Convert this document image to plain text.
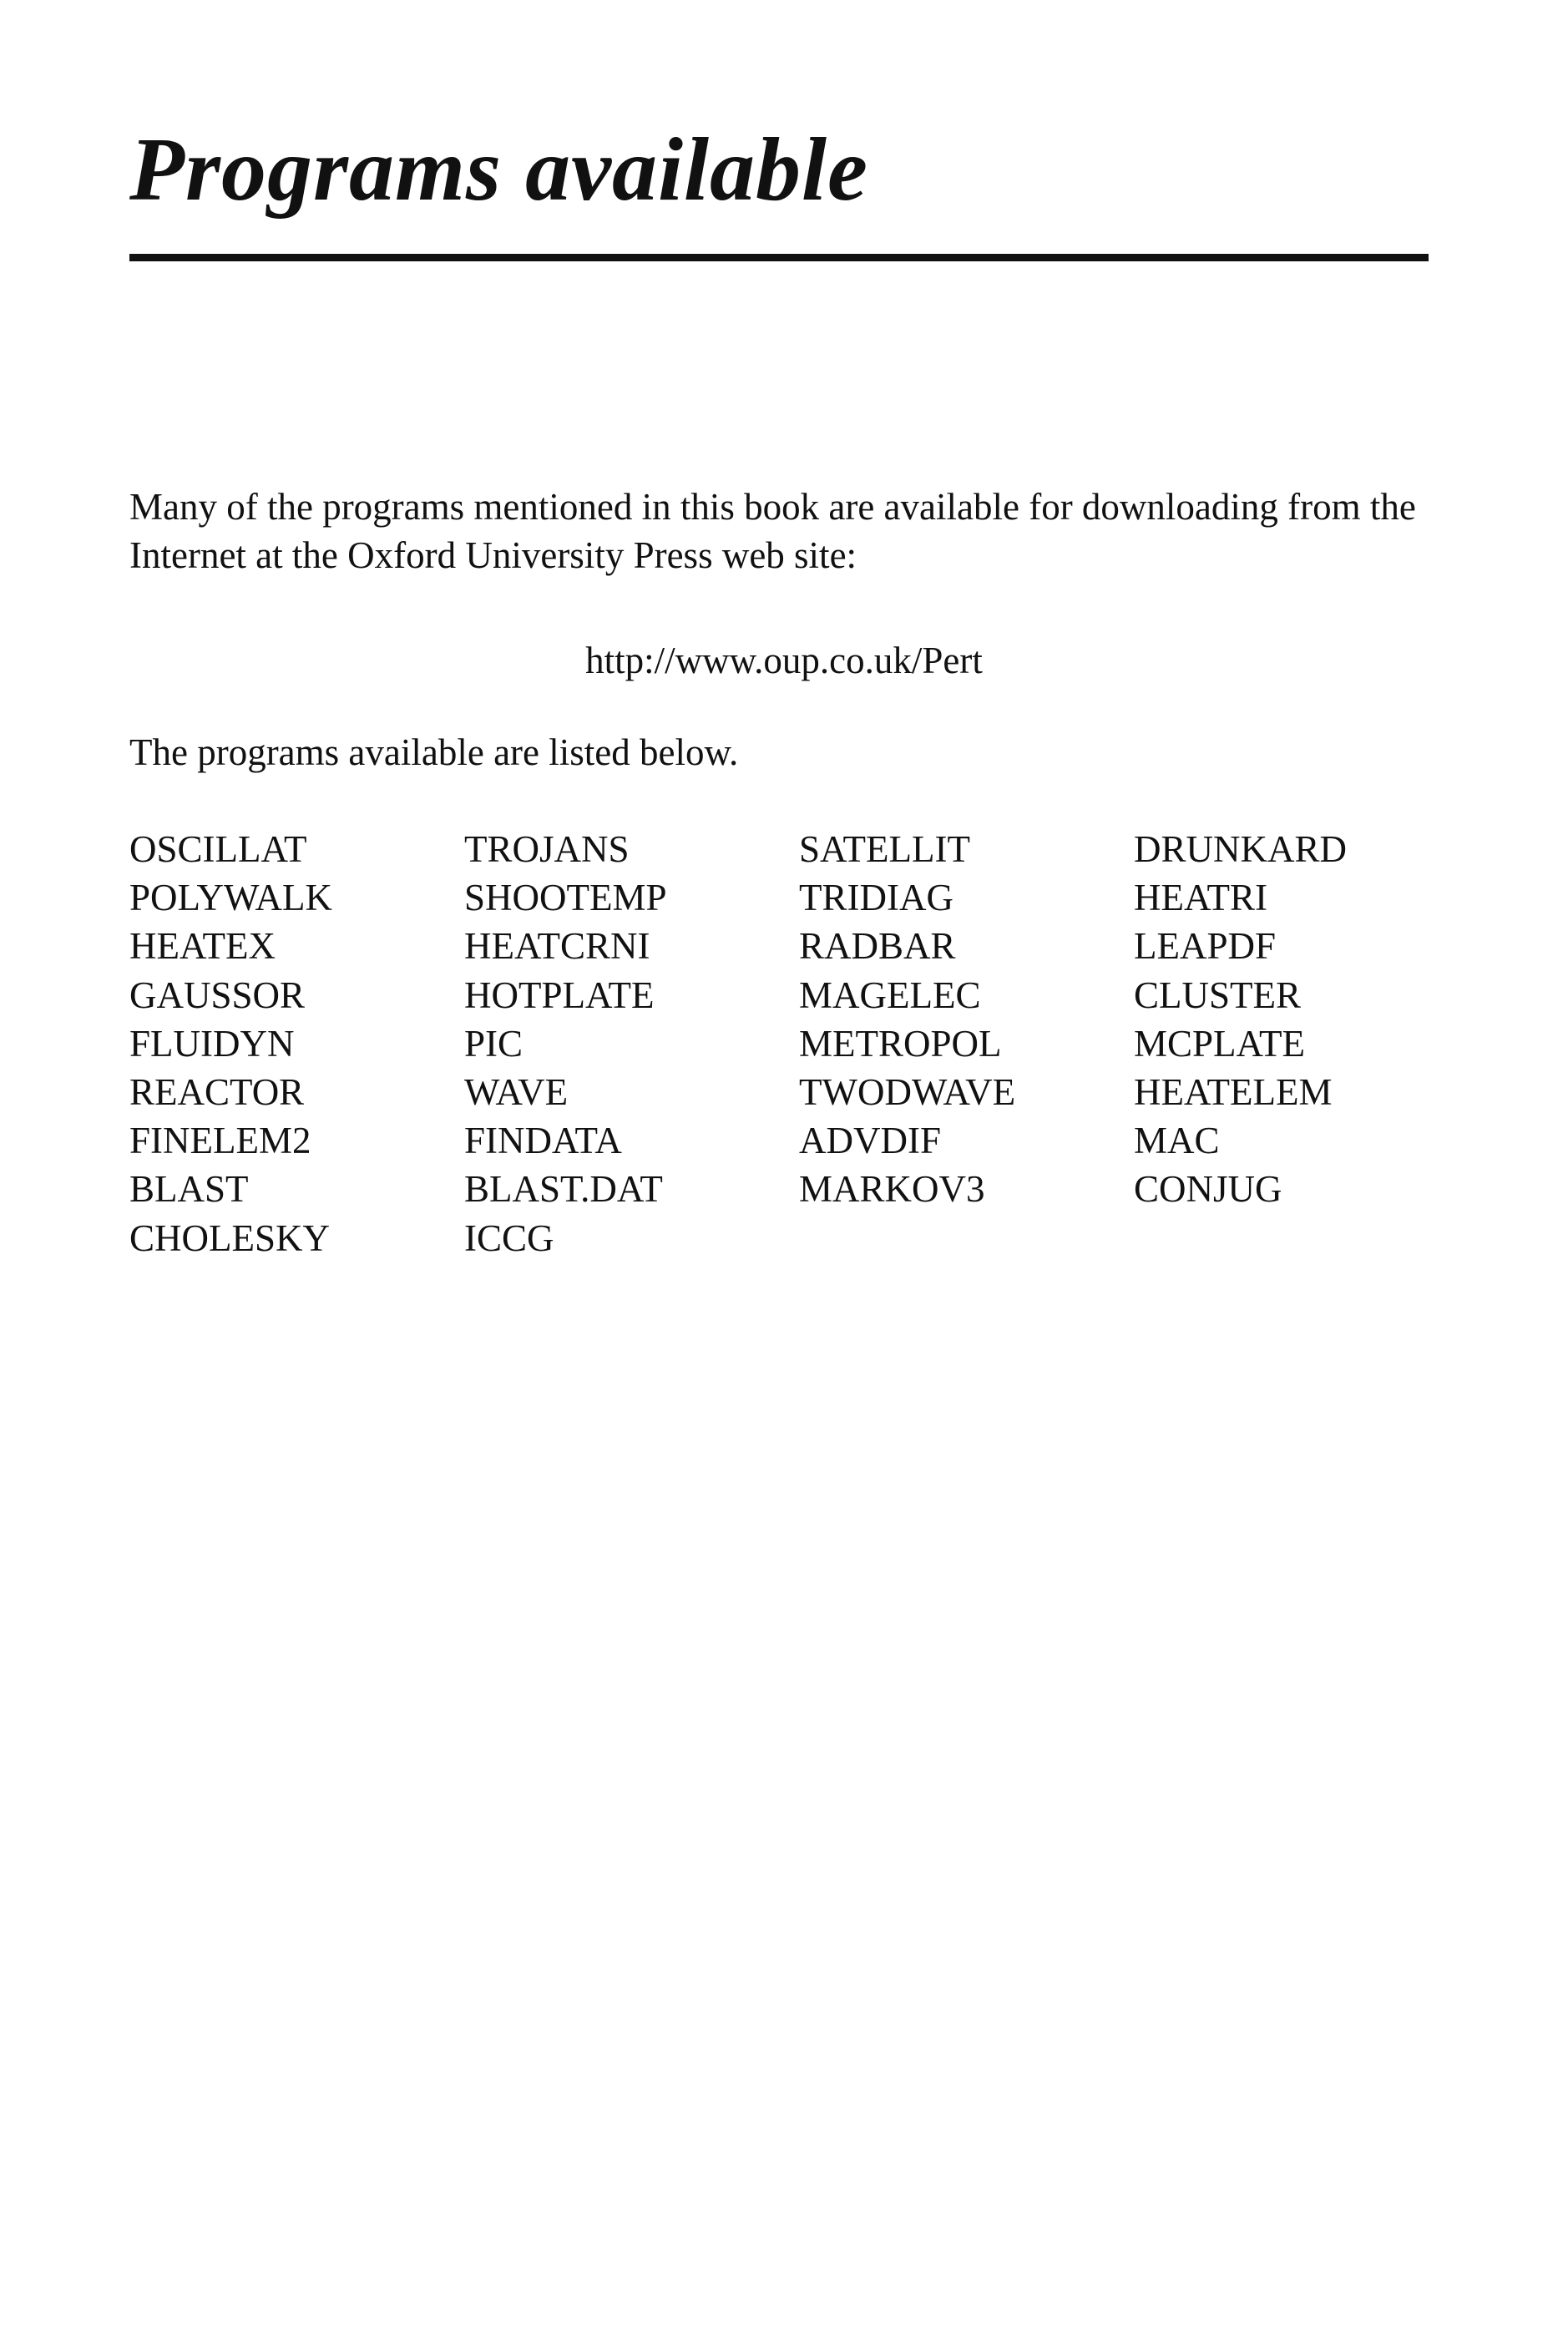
Programs available

Many of the programs mentioned in this book are available for downloading from the Internet at the Oxford University Press web site:

http://www.oup.co.uk/Pert

The programs available are listed below.

OSCILLAT	TROJANS	SATELLIT	DRUNKARD
POLYWALK	SHOOTEMP	TRIDIAG	HEATRI
HEATEX	HEATCRNI	RADBAR	LEAPDF
GAUSSOR	HOTPLATE	MAGELEC	CLUSTER
FLUIDYN	PIC	METROPOL	MCPLATE
REACTOR	WAVE	TWODWAVE	HEATELEM
FINELEM2	FINDATA	ADVDIF	MAC
BLAST	BLAST.DAT	MARKOV3	CONJUG
CHOLESKY	ICCG
